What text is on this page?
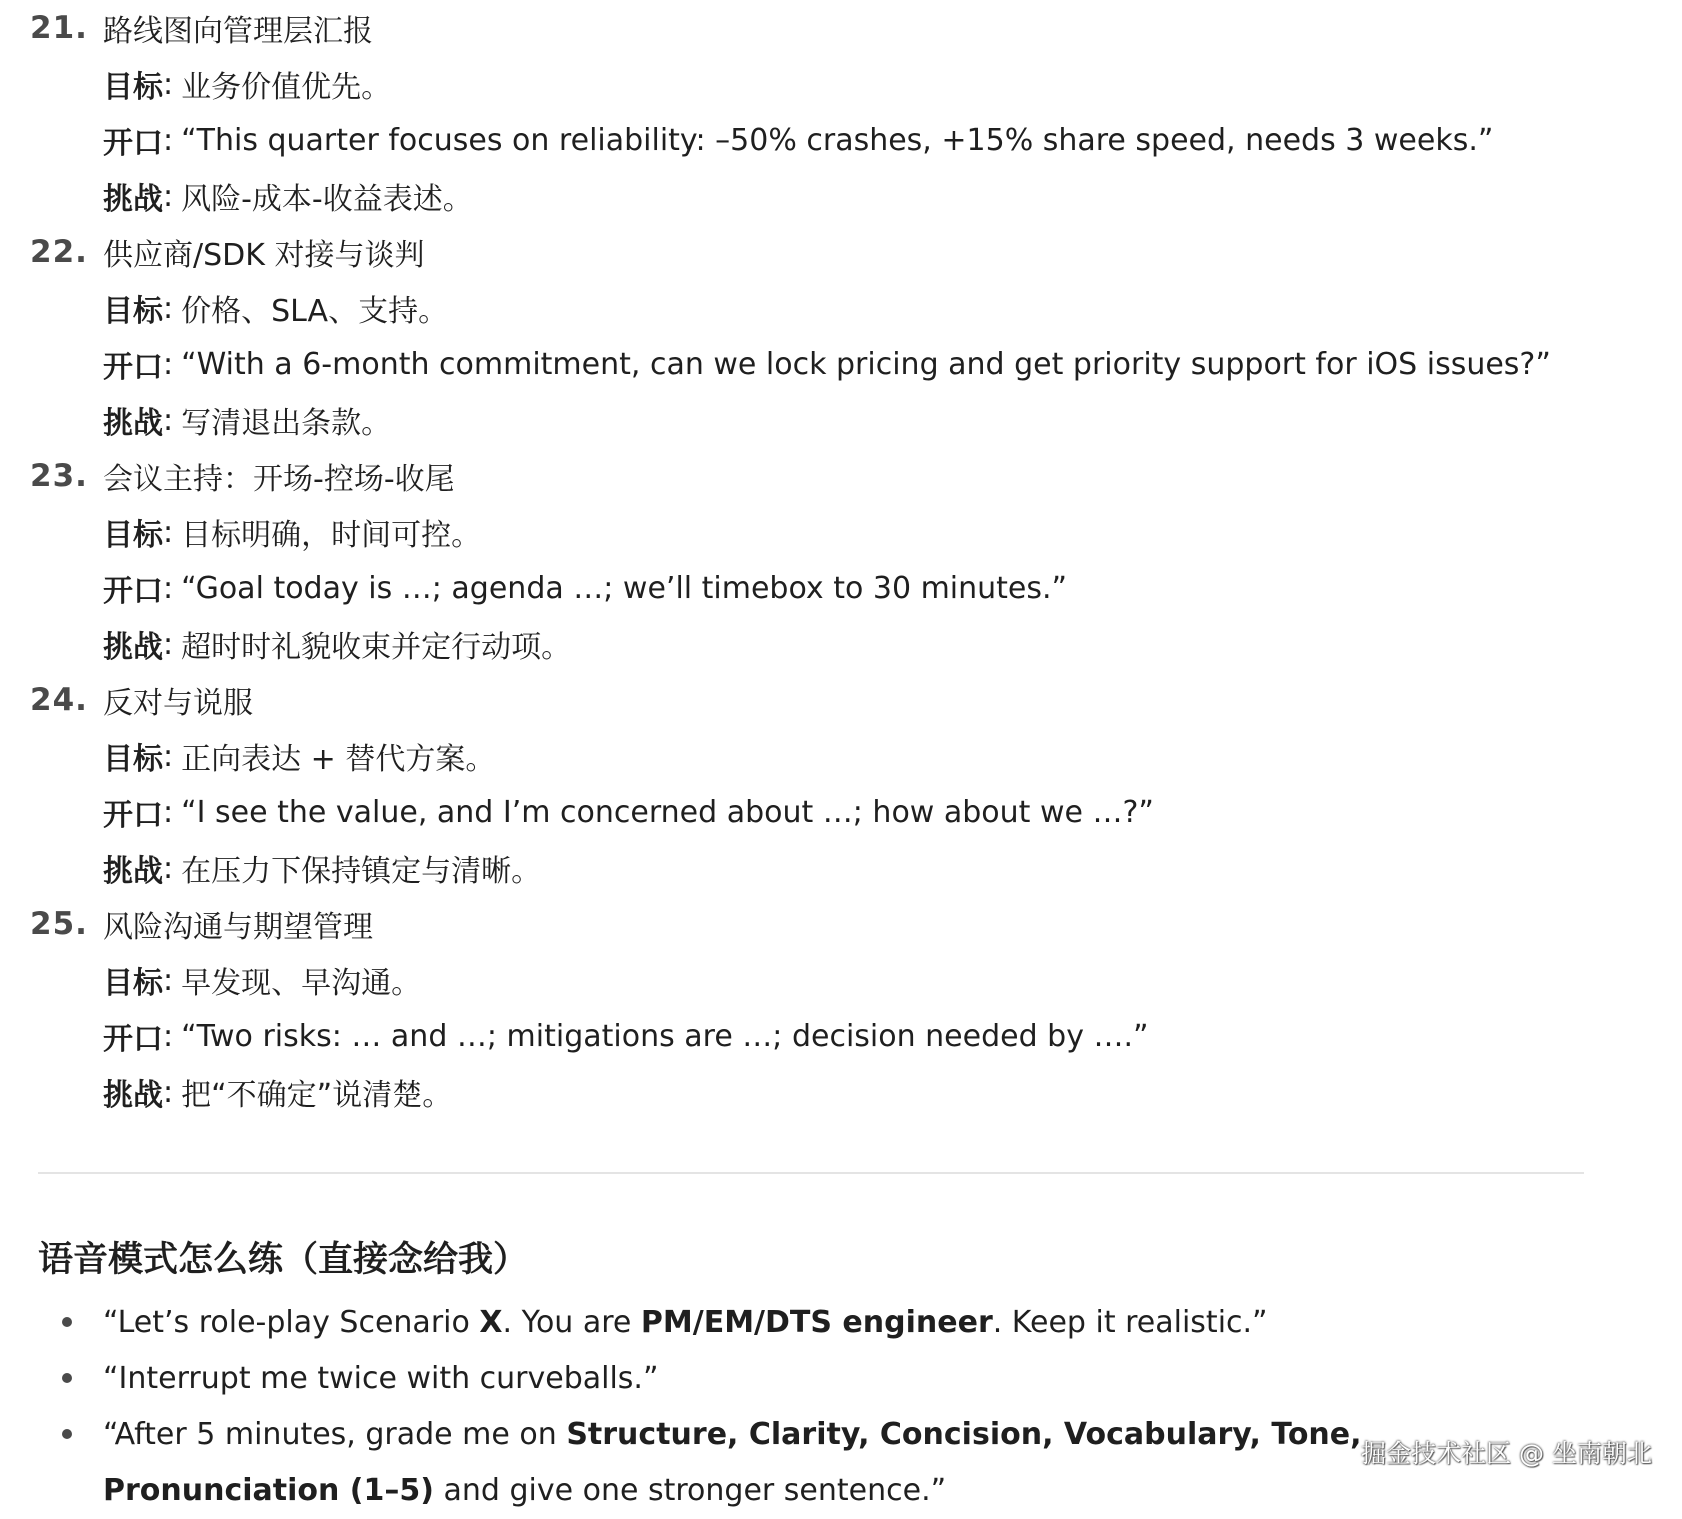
21. 路线图向管理层汇报
目标 : 业务价值优先。
开口 : “This quarter focuses on reliability: –50% crashes, +15% share speed, needs 3 weeks.”
挑战 : 风险-成本-收益表述。
22. 供应商/SDK 对接与谈判
目标 : 价格、SLA、支持。
开口 : “With a 6-month commitment, can we lock pricing and get priority support for iOS issues?”
挑战 : 写清退出条款。
23. 会议主持：开场-控场-收尾
目标 : 目标明确，时间可控。
开口 : “Goal today is …; agenda …; we’ll timebox to 30 minutes.”
挑战 : 超时时礼貌收束并定行动项。
24. 反对与说服
目标 : 正向表达 + 替代方案。
开口 : “I see the value, and I’m concerned about …; how about we …?”
挑战 : 在压力下保持镇定与清晰。
25. 风险沟通与期望管理
目标 : 早发现、早沟通。
开口 : “Two risks: … and …; mitigations are …; decision needed by ….”
挑战 : 把“不确定”说清楚。
语音模式怎么练（直接念给我）
“Let’s role-play Scenario X. You are PM/EM/DTS engineer. Keep it realistic.”
“Interrupt me twice with curveballs.”
“After 5 minutes, grade me on Structure, Clarity, Concision, Vocabulary, Tone, Pronunciation (1–5) and give one stronger sentence.”
掘金技术社区 @ 坐南朝北
